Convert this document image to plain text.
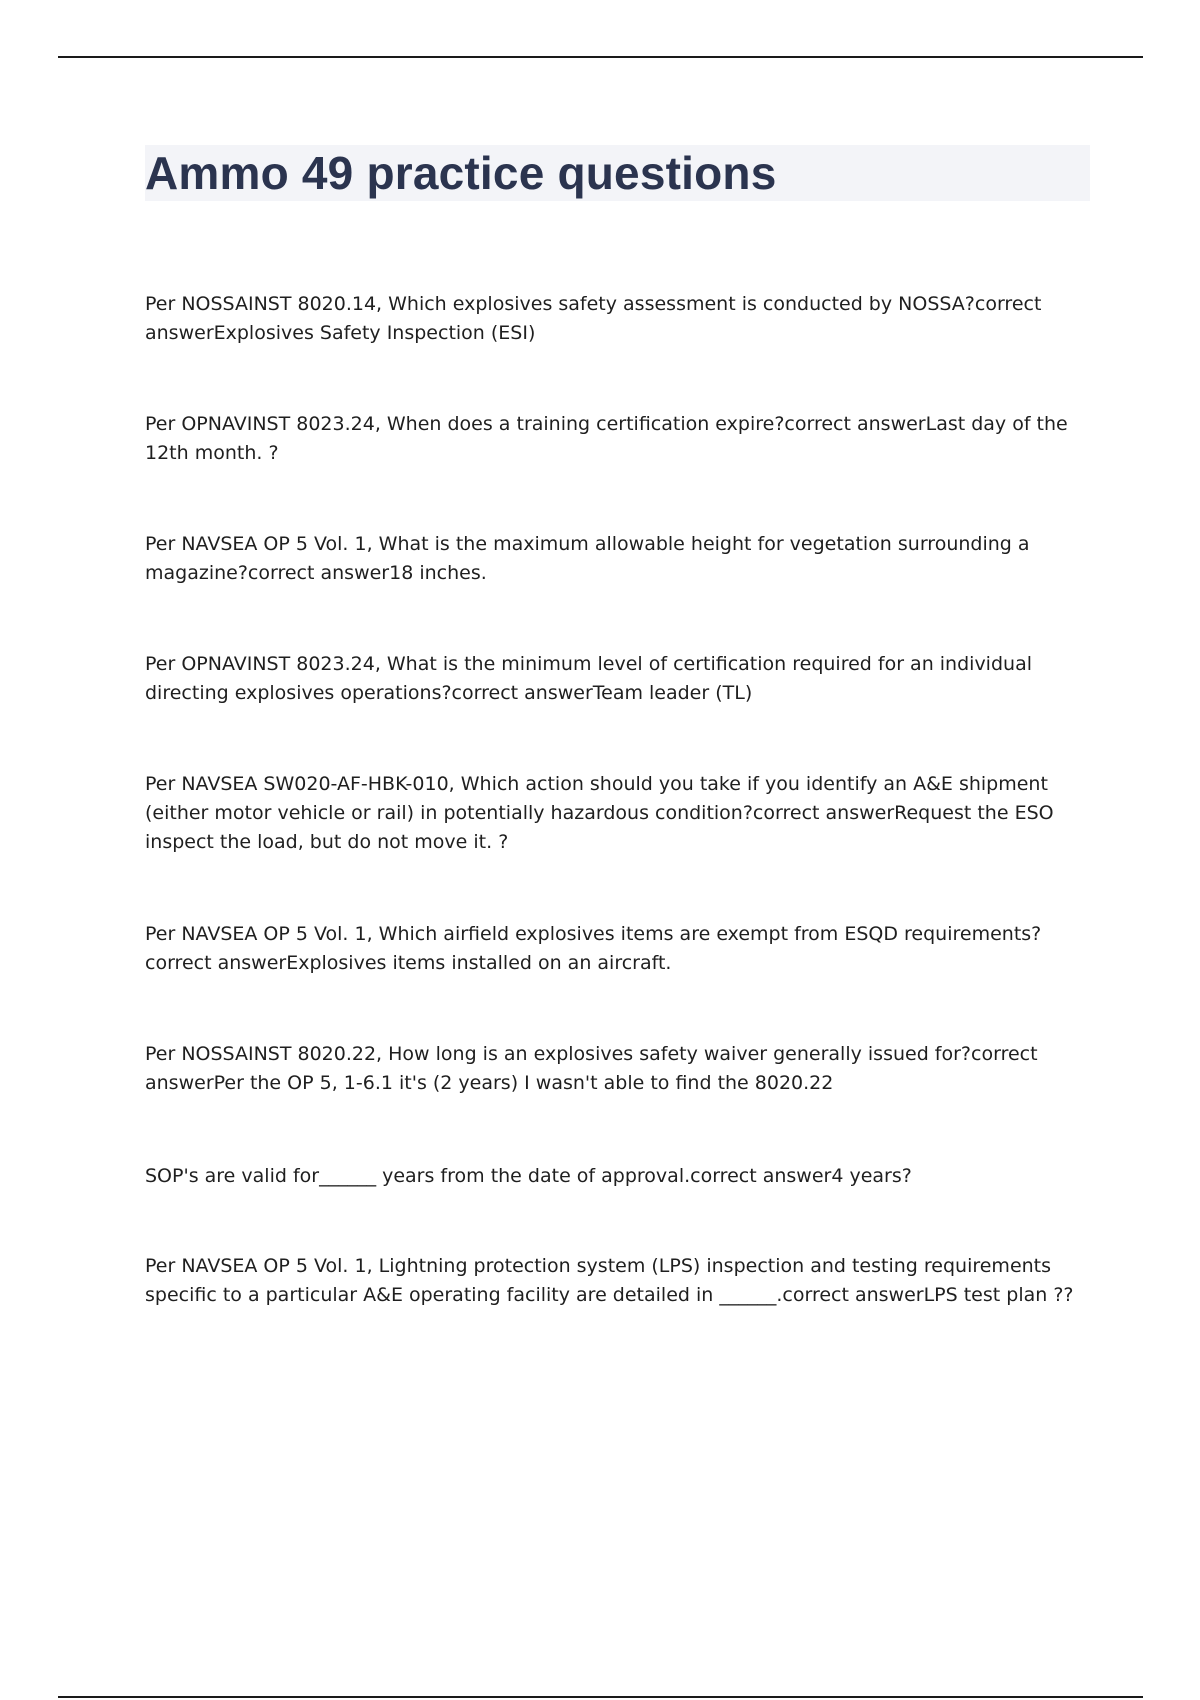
Ammo 49 practice questions

Per NOSSAINST 8020.14, Which explosives safety assessment is conducted by NOSSA?correct answerExplosives Safety Inspection (ESI)

Per OPNAVINST 8023.24, When does a training certification expire?correct answerLast day of the 12th month. ?

Per NAVSEA OP 5 Vol. 1, What is the maximum allowable height for vegetation surrounding a magazine?correct answer18 inches.

Per OPNAVINST 8023.24, What is the minimum level of certification required for an individual directing explosives operations?correct answerTeam leader (TL)

Per NAVSEA SW020-AF-HBK-010, Which action should you take if you identify an A&E shipment (either motor vehicle or rail) in potentially hazardous condition?correct answerRequest the ESO inspect the load, but do not move it. ?

Per NAVSEA OP 5 Vol. 1, Which airfield explosives items are exempt from ESQD requirements?correct answerExplosives items installed on an aircraft.

Per NOSSAINST 8020.22, How long is an explosives safety waiver generally issued for?correct answerPer the OP 5, 1-6.1 it's (2 years) I wasn't able to find the 8020.22

SOP's are valid for______ years from the date of approval.correct answer4 years?

Per NAVSEA OP 5 Vol. 1, Lightning protection system (LPS) inspection and testing requirements specific to a particular A&E operating facility are detailed in ______.correct answerLPS test plan ??
